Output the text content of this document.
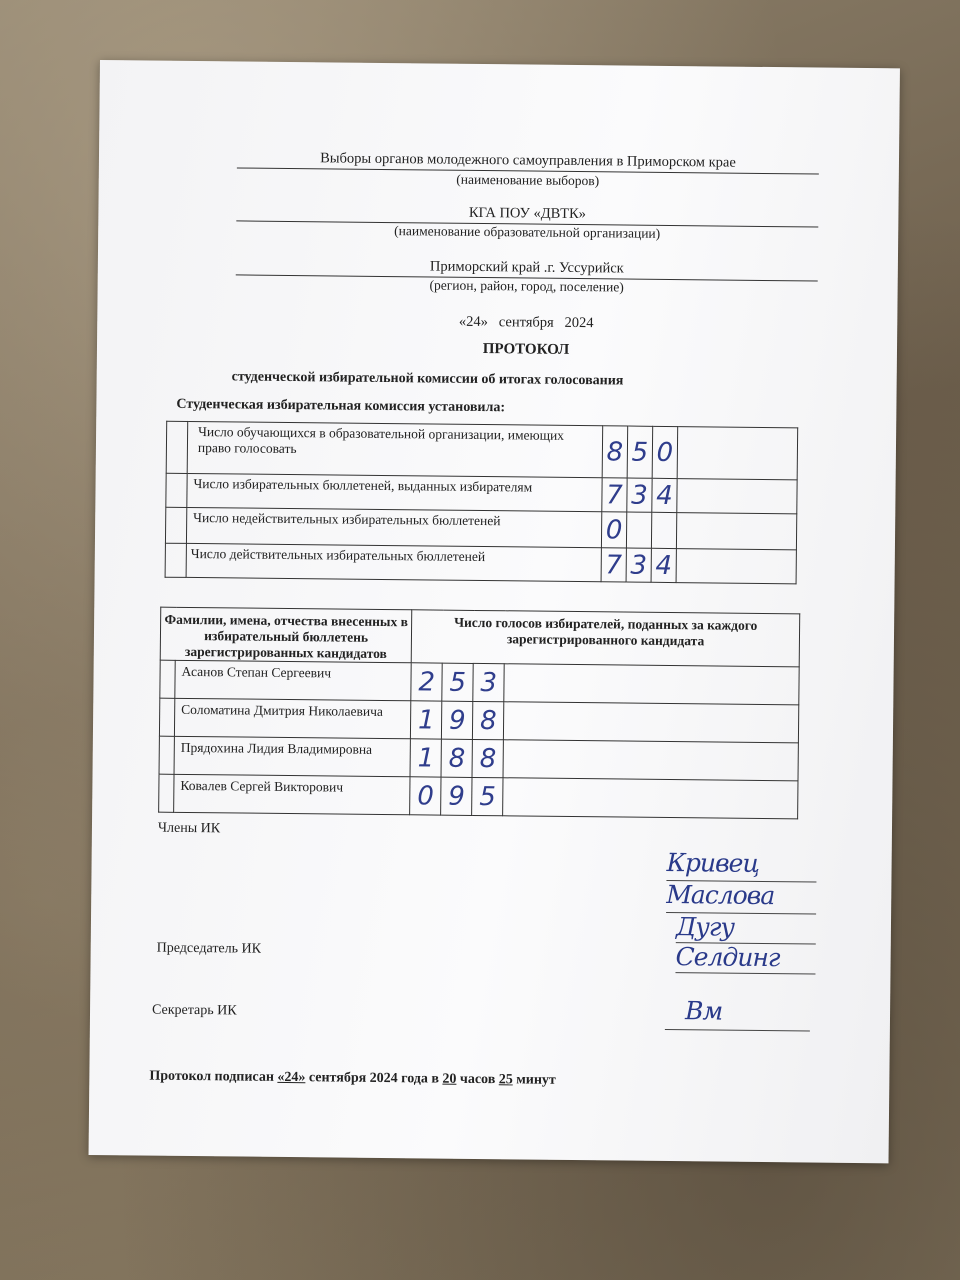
Выборы органов молодежного самоуправления в Приморском крае
(наименование выборов)
КГА ПОУ «ДВТК»
(наименование образовательной организации)
Приморский край .г. Уссурийск
(регион, район, город, поселение)
«24»   сентября   2024
ПРОТОКОЛ
студенческой избирательной комиссии об итогах голосования
Студенческая избирательная комиссия установила:
	Число обучающихся в образовательной организации, имеющих право голосовать	8	5	0	
	Число избирательных бюллетеней, выданных избирателям	7	3	4	
	Число недействительных избирательных бюллетеней	0			
	Число действительных избирательных бюллетеней	7	3	4	
Фамилии, имена, отчества внесенных в избирательный бюллетень зарегистрированных кандидатов		Число голосов избирателей, поданных за каждого зарегистрированного кандидата			
	Асанов Степан Сергеевич	2	5	3	
	Соломатина Дмитрия Николаевича	1	9	8	
	Прядохина Лидия Владимировна	1	8	8	
	Ковалев Сергей Викторович	0	9	5	
Члены ИК
Кривец
Маслова
Дугу
Селдинг
Председатель ИК
Секретарь ИК	Вм
Протокол подписан «24» сентября 2024 года в 20 часов 25 минут
